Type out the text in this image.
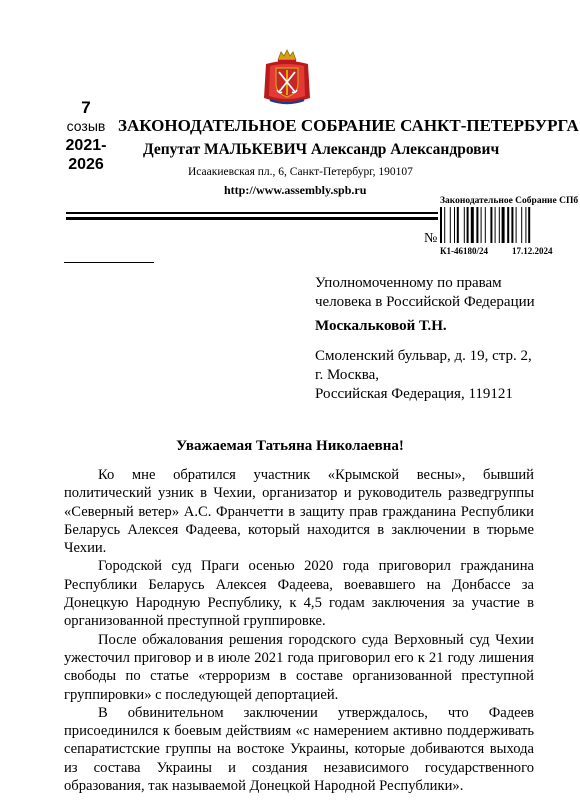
7
созыв
2021-
2026
ЗАКОНОДАТЕЛЬНОЕ СОБРАНИЕ САНКТ-ПЕТЕРБУРГА
Депутат МАЛЬКЕВИЧ Александр Александрович
Исаакиевская пл., 6, Санкт-Петербург, 190107
http://www.assembly.spb.ru
Законодательное Собрание СПб
К1-46180/24	17.12.2024
№

Уполномоченному по правам
человека в Российской Федерации
Москальковой Т.Н.
Смоленский бульвар, д. 19, стр. 2,
г. Москва,
Российская Федерация, 119121
Уважаемая Татьяна Николаевна!

Ко мне обратился участник «Крымской весны», бывший политический узник в Чехии, организатор и руководитель разведгруппы «Северный ветер» А.С. Франчетти в защиту прав гражданина Республики Беларусь Алексея Фадеева, который находится в заключении в тюрьме Чехии.

Городской суд Праги осенью 2020 года приговорил гражданина Республики Беларусь Алексея Фадеева, воевавшего на Донбассе за Донецкую Народную Республику, к 4,5 годам заключения за участие в организованной преступной группировке.

После обжалования решения городского суда Верховный суд Чехии ужесточил приговор и в июле 2021 года приговорил его к 21 году лишения свободы по статье «терроризм в составе организованной преступной группировки» с последующей депортацией.

В обвинительном заключении утверждалось, что Фадеев присоединился к боевым действиям «с намерением активно поддерживать сепаратистские группы на востоке Украины, которые добиваются выхода из состава Украины и создания независимого государственного образования, так называемой Донецкой Народной Республики».
